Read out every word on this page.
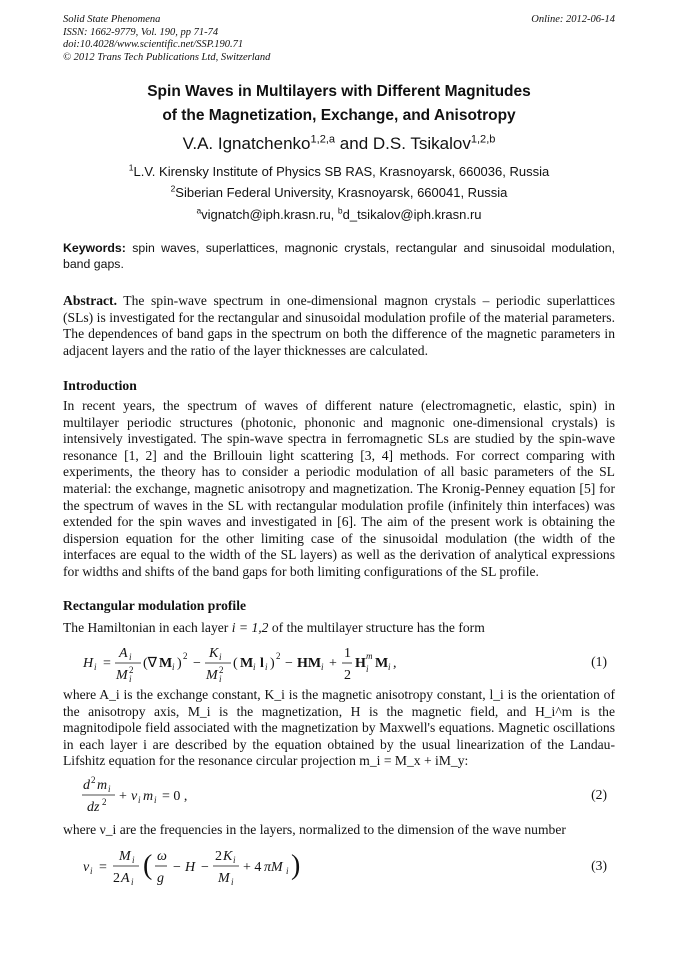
Solid State Phenomena
ISSN: 1662-9779, Vol. 190, pp 71-74
doi:10.4028/www.scientific.net/SSP.190.71
© 2012 Trans Tech Publications Ltd, Switzerland
Online: 2012-06-14
Spin Waves in Multilayers with Different Magnitudes
of the Magnetization, Exchange, and Anisotropy
V.A. Ignatchenko$^{1,2,a}$ and D.S. Tsikalov$^{1,2,b}$
$^1$L.V. Kirensky Institute of Physics SB RAS, Krasnoyarsk, 660036, Russia
$^2$Siberian Federal University, Krasnoyarsk, 660041, Russia
$^a$vignatch@iph.krasn.ru, $^b$d_tsikalov@iph.krasn.ru
Keywords: spin waves, superlattices, magnonic crystals, rectangular and sinusoidal modulation, band gaps.
Abstract. The spin-wave spectrum in one-dimensional magnon crystals – periodic superlattices (SLs) is investigated for the rectangular and sinusoidal modulation profile of the material parameters. The dependences of band gaps in the spectrum on both the difference of the magnetic parameters in adjacent layers and the ratio of the layer thicknesses are calculated.
Introduction
In recent years, the spectrum of waves of different nature (electromagnetic, elastic, spin) in multilayer periodic structures (photonic, phononic and magnonic one-dimensional crystals) is intensively investigated. The spin-wave spectra in ferromagnetic SLs are studied by the spin-wave resonance [1, 2] and the Brillouin light scattering [3, 4] methods. For correct comparing with experiments, the theory has to consider a periodic modulation of all basic parameters of the SL material: the exchange, magnetic anisotropy and magnetization. The Kronig-Penney equation [5] for the spectrum of waves in the SL with rectangular modulation profile (infinitely thin interfaces) was extended for the spin waves and investigated in [6]. The aim of the present work is obtaining the dispersion equation for the other limiting case of the sinusoidal modulation (the width of the interfaces are equal to the width of the SL layers) as well as the derivation of analytical expressions for widths and shifts of the band gaps for both limiting configurations of the SL profile.
Rectangular modulation profile
The Hamiltonian in each layer i = 1,2 of the multilayer structure has the form
H i =
A i
M 2
i
(∇ M i ) 2 −
K i
M 2
i
( M i l i ) 2 − HM i +
1
2
H m
i M i ,	(1)
where A_i is the exchange constant, K_i is the magnetic anisotropy constant, l_i is the orientation of the anisotropy axis, M_i is the magnetization, H is the magnetic field, and H_i^m is the magnitodipole field associated with the magnetization by Maxwell's equations. Magnetic oscillations in each layer i are described by the equation obtained by the usual linearization of the Landau-Lifshitz equation for the resonance circular projection m_i = M_x + iM_y:
d 2 m i
dz 2 + ν i m i = 0 ,	(2)
where ν_i are the frequencies in the layers, normalized to the dimension of the wave number
ν i =
M i
2 A i
( ω
g
− H −
2 K i
M i
+ 4 πM i )	(3)
